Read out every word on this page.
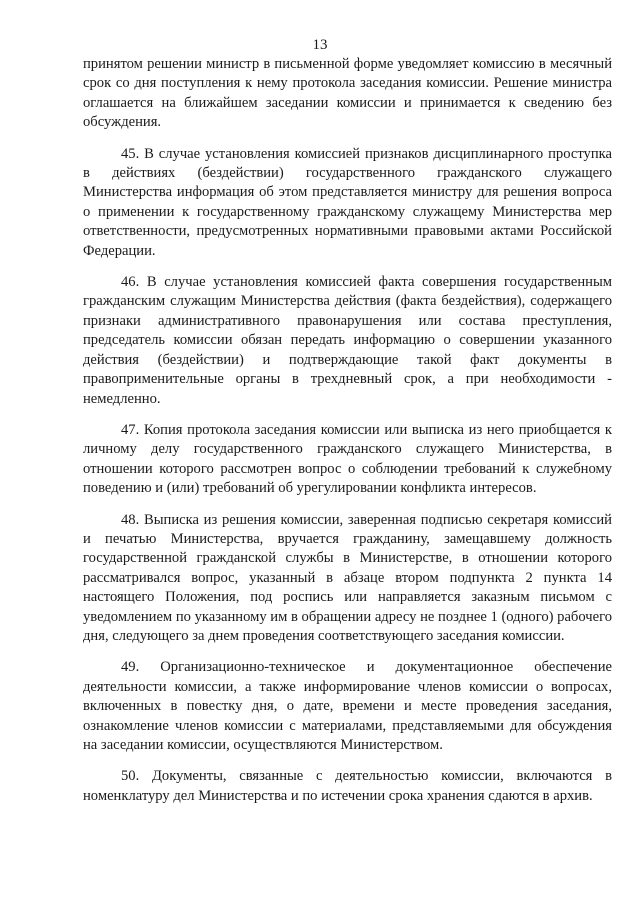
13

принятом решении министр в письменной форме уведомляет комиссию в месячный срок со дня поступления к нему протокола заседания комиссии. Решение министра оглашается на ближайшем заседании комиссии и принимается к сведению без обсуждения.

45. В случае установления комиссией признаков дисциплинарного проступка в действиях (бездействии) государственного гражданского служащего Министерства информация об этом представляется министру для решения вопроса о применении к государственному гражданскому служащему Министерства мер ответственности, предусмотренных нормативными правовыми актами Российской Федерации.

46. В случае установления комиссией факта совершения государственным гражданским служащим Министерства действия (факта бездействия), содержащего признаки административного правонарушения или состава преступления, председатель комиссии обязан передать информацию о совершении указанного действия (бездействии) и подтверждающие такой факт документы в правоприменительные органы в трехдневный срок, а при необходимости - немедленно.

47. Копия протокола заседания комиссии или выписка из него приобщается к личному делу государственного гражданского служащего Министерства, в отношении которого рассмотрен вопрос о соблюдении требований к служебному поведению и (или) требований об урегулировании конфликта интересов.

48. Выписка из решения комиссии, заверенная подписью секретаря комиссий и печатью Министерства, вручается гражданину, замещавшему должность государственной гражданской службы в Министерстве, в отношении которого рассматривался вопрос, указанный в абзаце втором подпункта 2 пункта 14 настоящего Положения, под роспись или направляется заказным письмом с уведомлением по указанному им в обращении адресу не позднее 1 (одного) рабочего дня, следующего за днем проведения соответствующего заседания комиссии.

49. Организационно-техническое и документационное обеспечение деятельности комиссии, а также информирование членов комиссии о вопросах, включенных в повестку дня, о дате, времени и месте проведения заседания, ознакомление членов комиссии с материалами, представляемыми для обсуждения на заседании комиссии, осуществляются Министерством.

50. Документы, связанные с деятельностью комиссии, включаются в номенклатуру дел Министерства и по истечении срока хранения сдаются в архив.
